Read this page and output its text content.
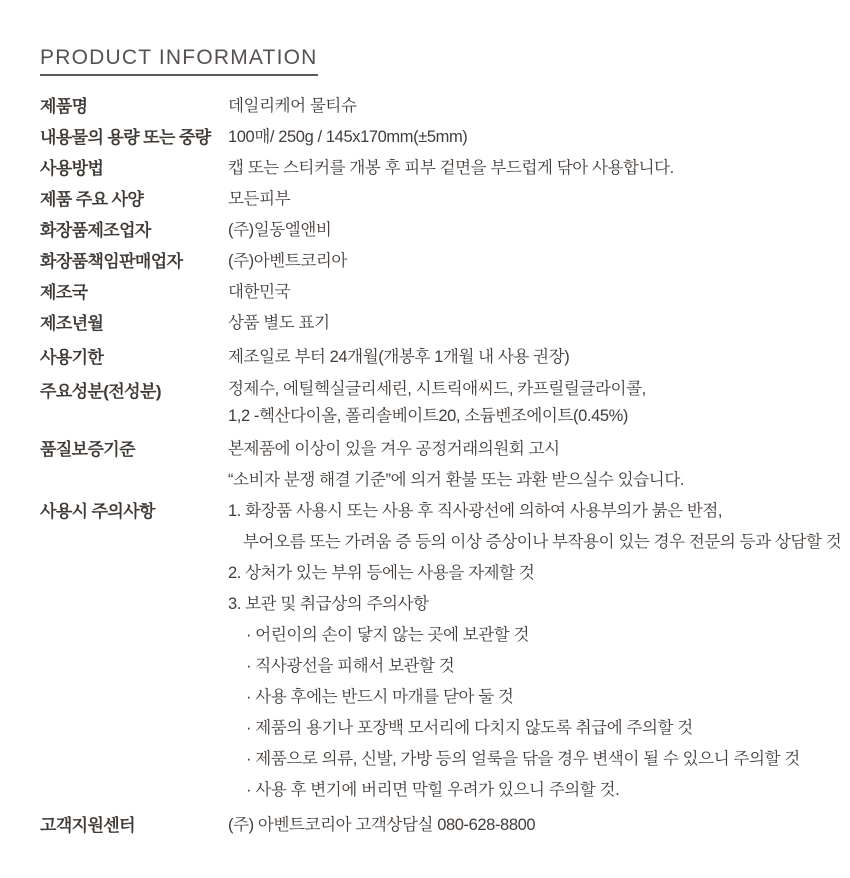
PRODUCT INFORMATION
제품명	데일리케어 물티슈
내용물의 용량 또는 중량	100매/ 250g / 145x170mm(±5mm)
사용방법	캡 또는 스티커를 개봉 후 피부 겉면을 부드럽게 닦아 사용합니다.
제품 주요 사양	모든피부
화장품제조업자	(주)일동엘앤비
화장품책임판매업자	(주)아벤트코리아
제조국	대한민국
제조년월	상품 별도 표기
사용기한	제조일로 부터 24개월(개봉후 1개월 내 사용 권장)
주요성분(전성분)	정제수, 에틸헥실글리세린, 시트릭애씨드, 카프릴릴글라이콜,
1,2 -헥산다이올, 폴리솔베이트20, 소듐벤조에이트(0.45%)
품질보증기준	본제품에 이상이 있을 겨우 공정거래의원회 고시
“소비자 분쟁 해결 기준”에 의거 환불 또는 과환 받으실수 있습니다.
사용시 주의사항	1. 화장품 사용시 또는 사용 후 직사광선에 의하여 사용부의가 붉은 반점,
부어오름 또는 가려움 증 등의 이상 증상이나 부작용이 있는 경우 전문의 등과 상담할 것
2. 상처가 있는 부위 등에는 사용을 자제할 것
3. 보관 및 취급상의 주의사항
· 어린이의 손이 닿지 않는 곳에 보관할 것
· 직사광선을 피해서 보관할 것
· 사용 후에는 반드시 마개를 닫아 둘 것
· 제품의 용기나 포장백 모서리에 다치지 않도록 취급에 주의할 것
· 제품으로 의류, 신발, 가방 등의 얼룩을 닦을 경우 변색이 될 수 있으니 주의할 것
· 사용 후 변기에 버리면 막힐 우려가 있으니 주의할 것.
고객지원센터	(주) 아벤트코리아 고객상담실 080-628-8800
